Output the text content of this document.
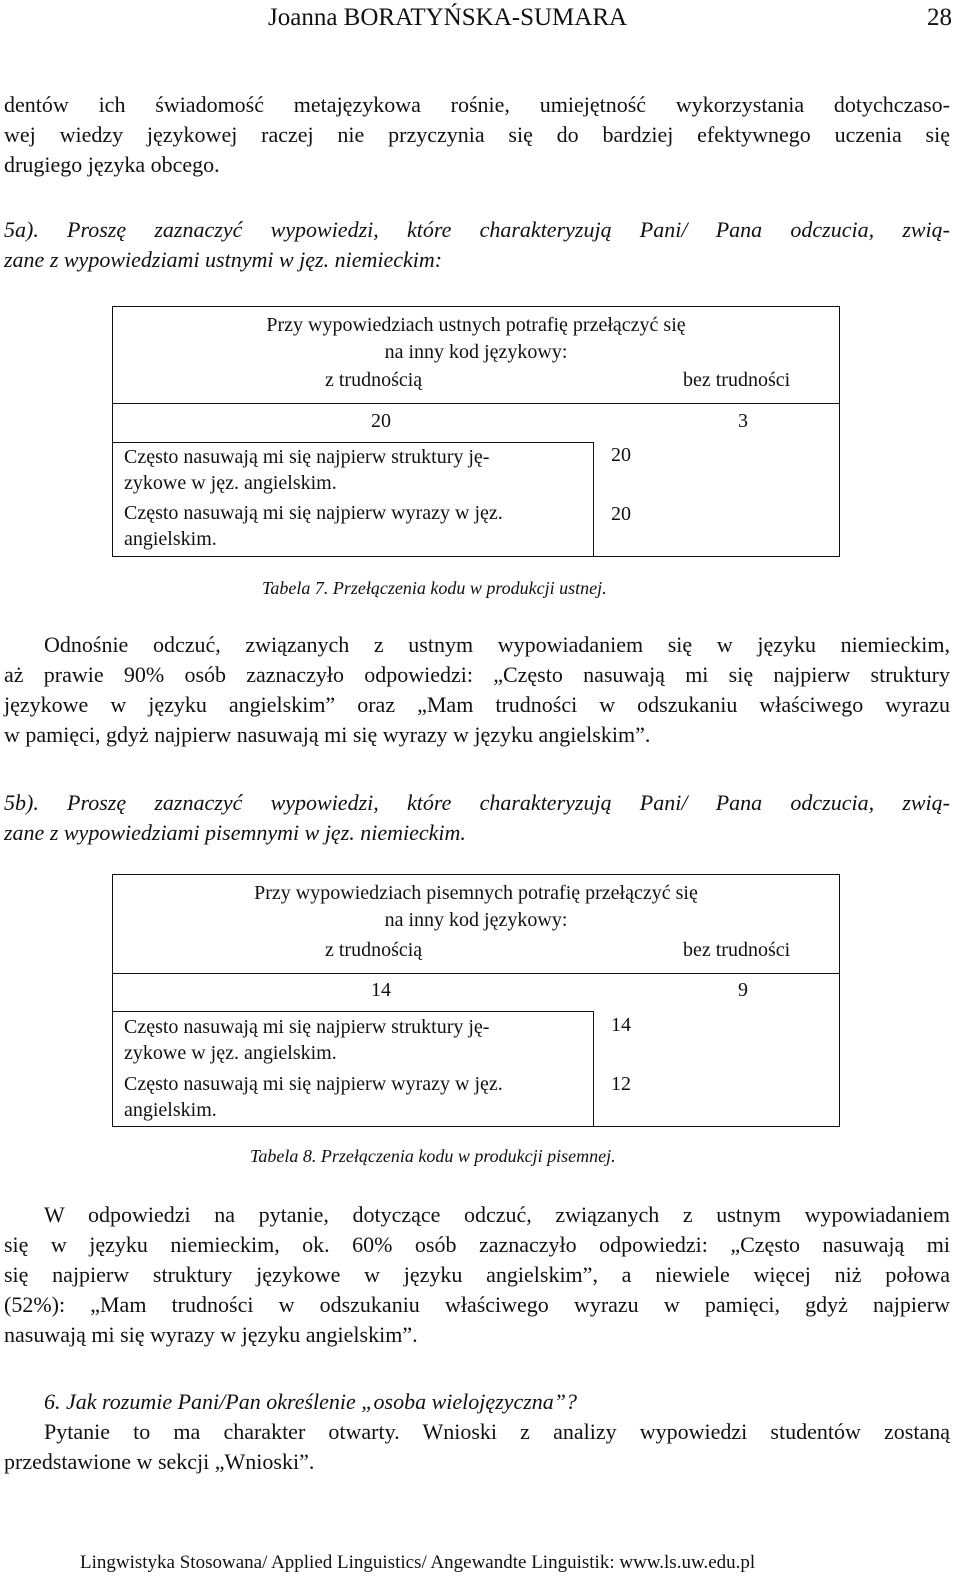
Joanna BORATYŃSKA-SUMARA	28

dentów ich świadomość metajęzykowa rośnie, umiejętność wykorzystania dotychczaso-
wej wiedzy językowej raczej nie przyczynia się do bardziej efektywnego uczenia się
drugiego języka obcego.

5a). Proszę zaznaczyć wypowiedzi, które charakteryzują Pani/ Pana odczucia, zwią-
zane z wypowiedziami ustnymi w jęz. niemieckim:

Przy wypowiedziach ustnych potrafię przełączyć się
na inny kod językowy:
z trudnością	bez trudności
20	3
Często nasuwają mi się najpierw struktury ję-
zykowe w jęz. angielskim.
20
Często nasuwają mi się najpierw wyrazy w jęz.
angielskim.
20
Tabela 7. Przełączenia kodu w produkcji ustnej.

Odnośnie odczuć, związanych z ustnym wypowiadaniem się w języku niemieckim,
aż prawie 90% osób zaznaczyło odpowiedzi: „Często nasuwają mi się najpierw struktury
językowe w języku angielskim” oraz „Mam trudności w odszukaniu właściwego wyrazu
w pamięci, gdyż najpierw nasuwają mi się wyrazy w języku angielskim”.

5b). Proszę zaznaczyć wypowiedzi, które charakteryzują Pani/ Pana odczucia, zwią-
zane z wypowiedziami pisemnymi w jęz. niemieckim.

Przy wypowiedziach pisemnych potrafię przełączyć się
na inny kod językowy:
z trudnością	bez trudności
14	9
Często nasuwają mi się najpierw struktury ję-
zykowe w jęz. angielskim.
14
Często nasuwają mi się najpierw wyrazy w jęz.
angielskim.
12
Tabela 8. Przełączenia kodu w produkcji pisemnej.

W odpowiedzi na pytanie, dotyczące odczuć, związanych z ustnym wypowiadaniem
się w języku niemieckim, ok. 60% osób zaznaczyło odpowiedzi: „Często nasuwają mi
się najpierw struktury językowe w języku angielskim”, a niewiele więcej niż połowa
(52%): „Mam trudności w odszukaniu właściwego wyrazu w pamięci, gdyż najpierw
nasuwają mi się wyrazy w języku angielskim”.

6. Jak rozumie Pani/Pan określenie „osoba wielojęzyczna”?

Pytanie to ma charakter otwarty. Wnioski z analizy wypowiedzi studentów zostaną
przedstawione w sekcji „Wnioski”.

Lingwistyka Stosowana/ Applied Linguistics/ Angewandte Linguistik: www.ls.uw.edu.pl
